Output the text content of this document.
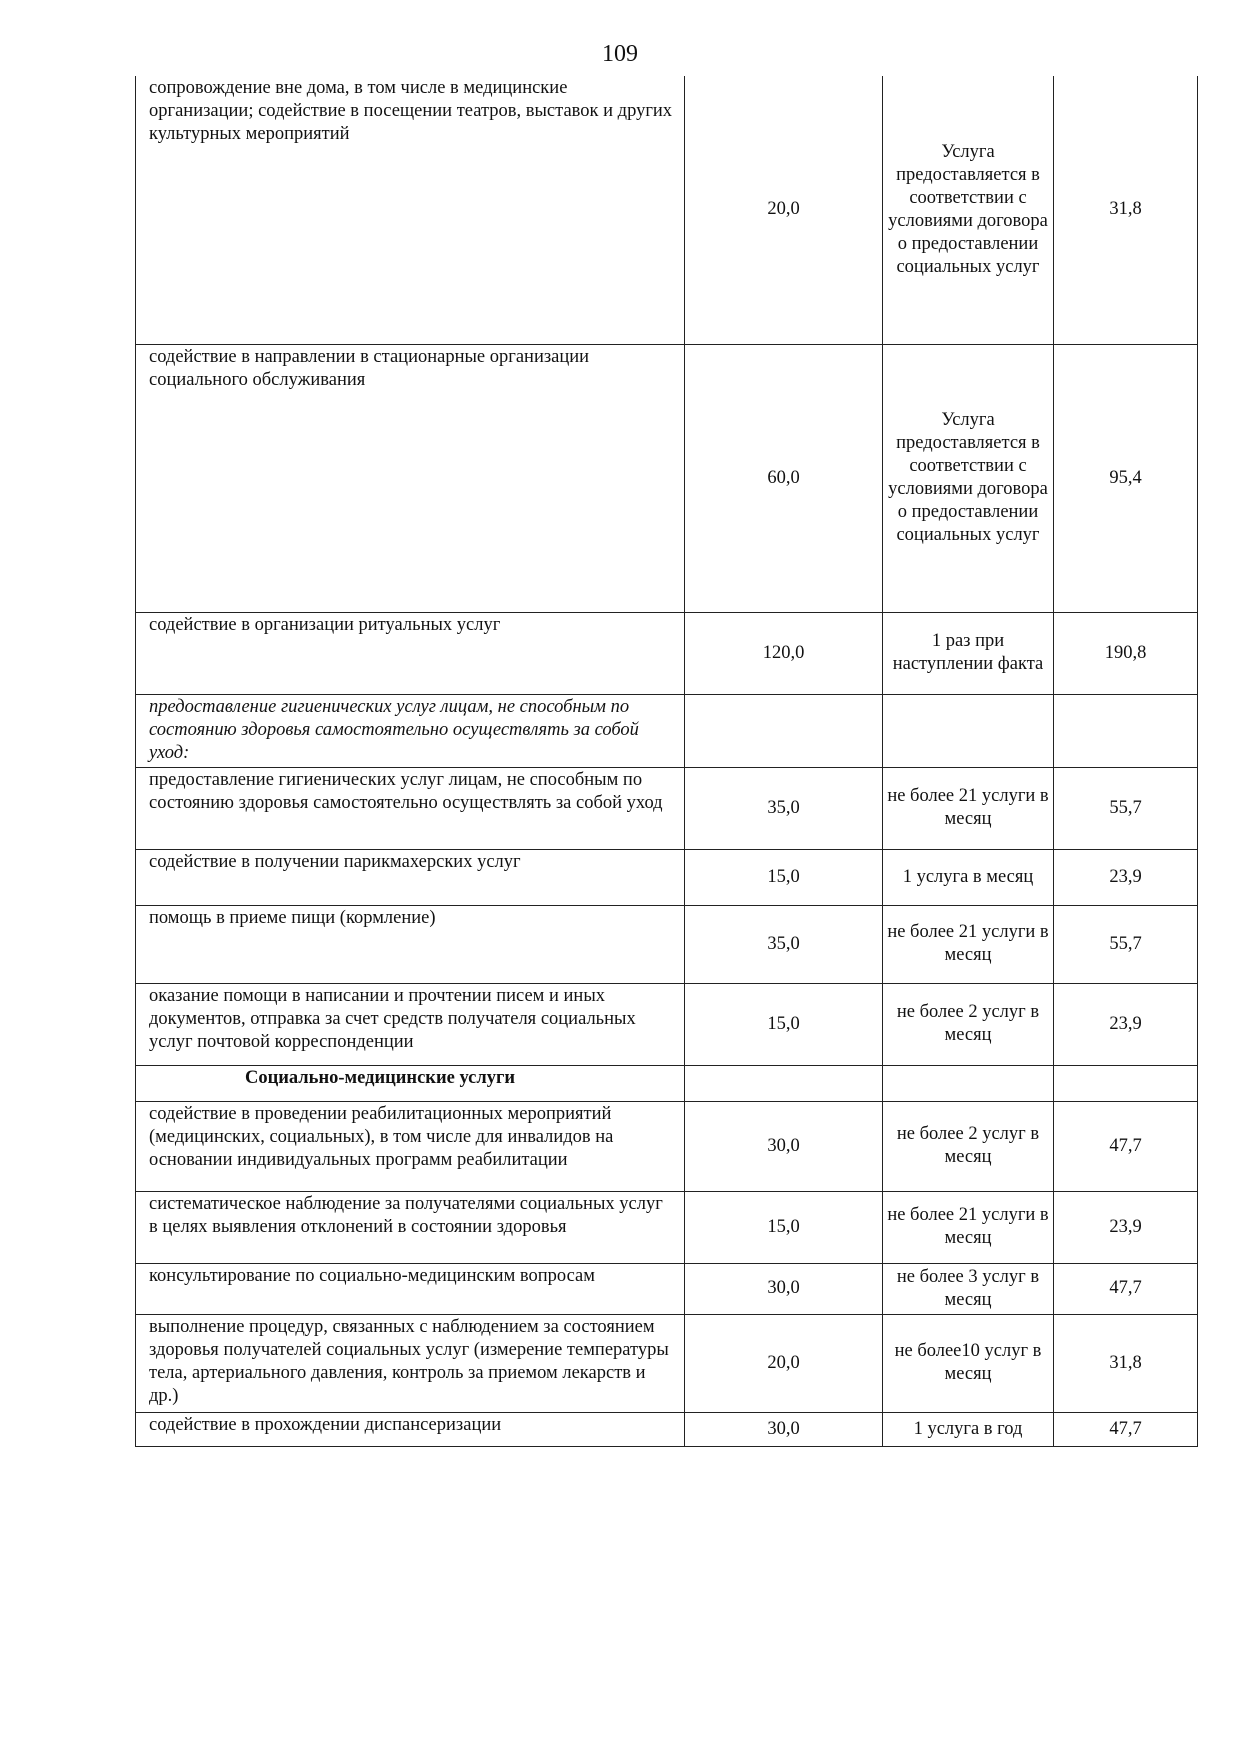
109
сопровождение вне дома, в том числе в медицинские организации; содействие в посещении театров, выставок и других культурных мероприятий	20,0	Услуга предоставляется в соответствии с условиями договора о предоставлении социальных услуг	31,8
содействие в направлении в стационарные организации социального обслуживания	60,0	Услуга предоставляется в соответствии с условиями договора о предоставлении социальных услуг	95,4
содействие в организации ритуальных услуг	120,0	1 раз при наступлении факта	190,8
предоставление гигиенических услуг лицам, не способным по состоянию здоровья самостоятельно осуществлять за собой уход:			
предоставление гигиенических услуг лицам, не способным по состоянию здоровья самостоятельно осуществлять за собой уход	35,0	не более 21 услуги в месяц	55,7
содействие в получении парикмахерских услуг	15,0	1 услуга в месяц	23,9
помощь в приеме пищи (кормление)	35,0	не более 21 услуги в месяц	55,7
оказание помощи в написании и прочтении писем и иных документов, отправка за счет средств получателя социальных услуг почтовой корреспонденции	15,0	не более 2 услуг в месяц	23,9
Социально-медицинские услуги			
содействие в проведении реабилитационных мероприятий (медицинских, социальных), в том числе для инвалидов на основании индивидуальных программ реабилитации	30,0	не более 2 услуг в месяц	47,7
систематическое наблюдение за получателями социальных услуг в целях выявления отклонений в состоянии здоровья	15,0	не более 21 услуги в месяц	23,9
консультирование по социально-медицинским вопросам	30,0	не более 3 услуг в месяц	47,7
выполнение процедур, связанных с наблюдением за состоянием здоровья получателей социальных услуг (измерение температуры тела, артериального давления, контроль за приемом лекарств и др.)	20,0	не более10 услуг в месяц	31,8
содействие в прохождении диспансеризации	30,0	1 услуга в год	47,7
